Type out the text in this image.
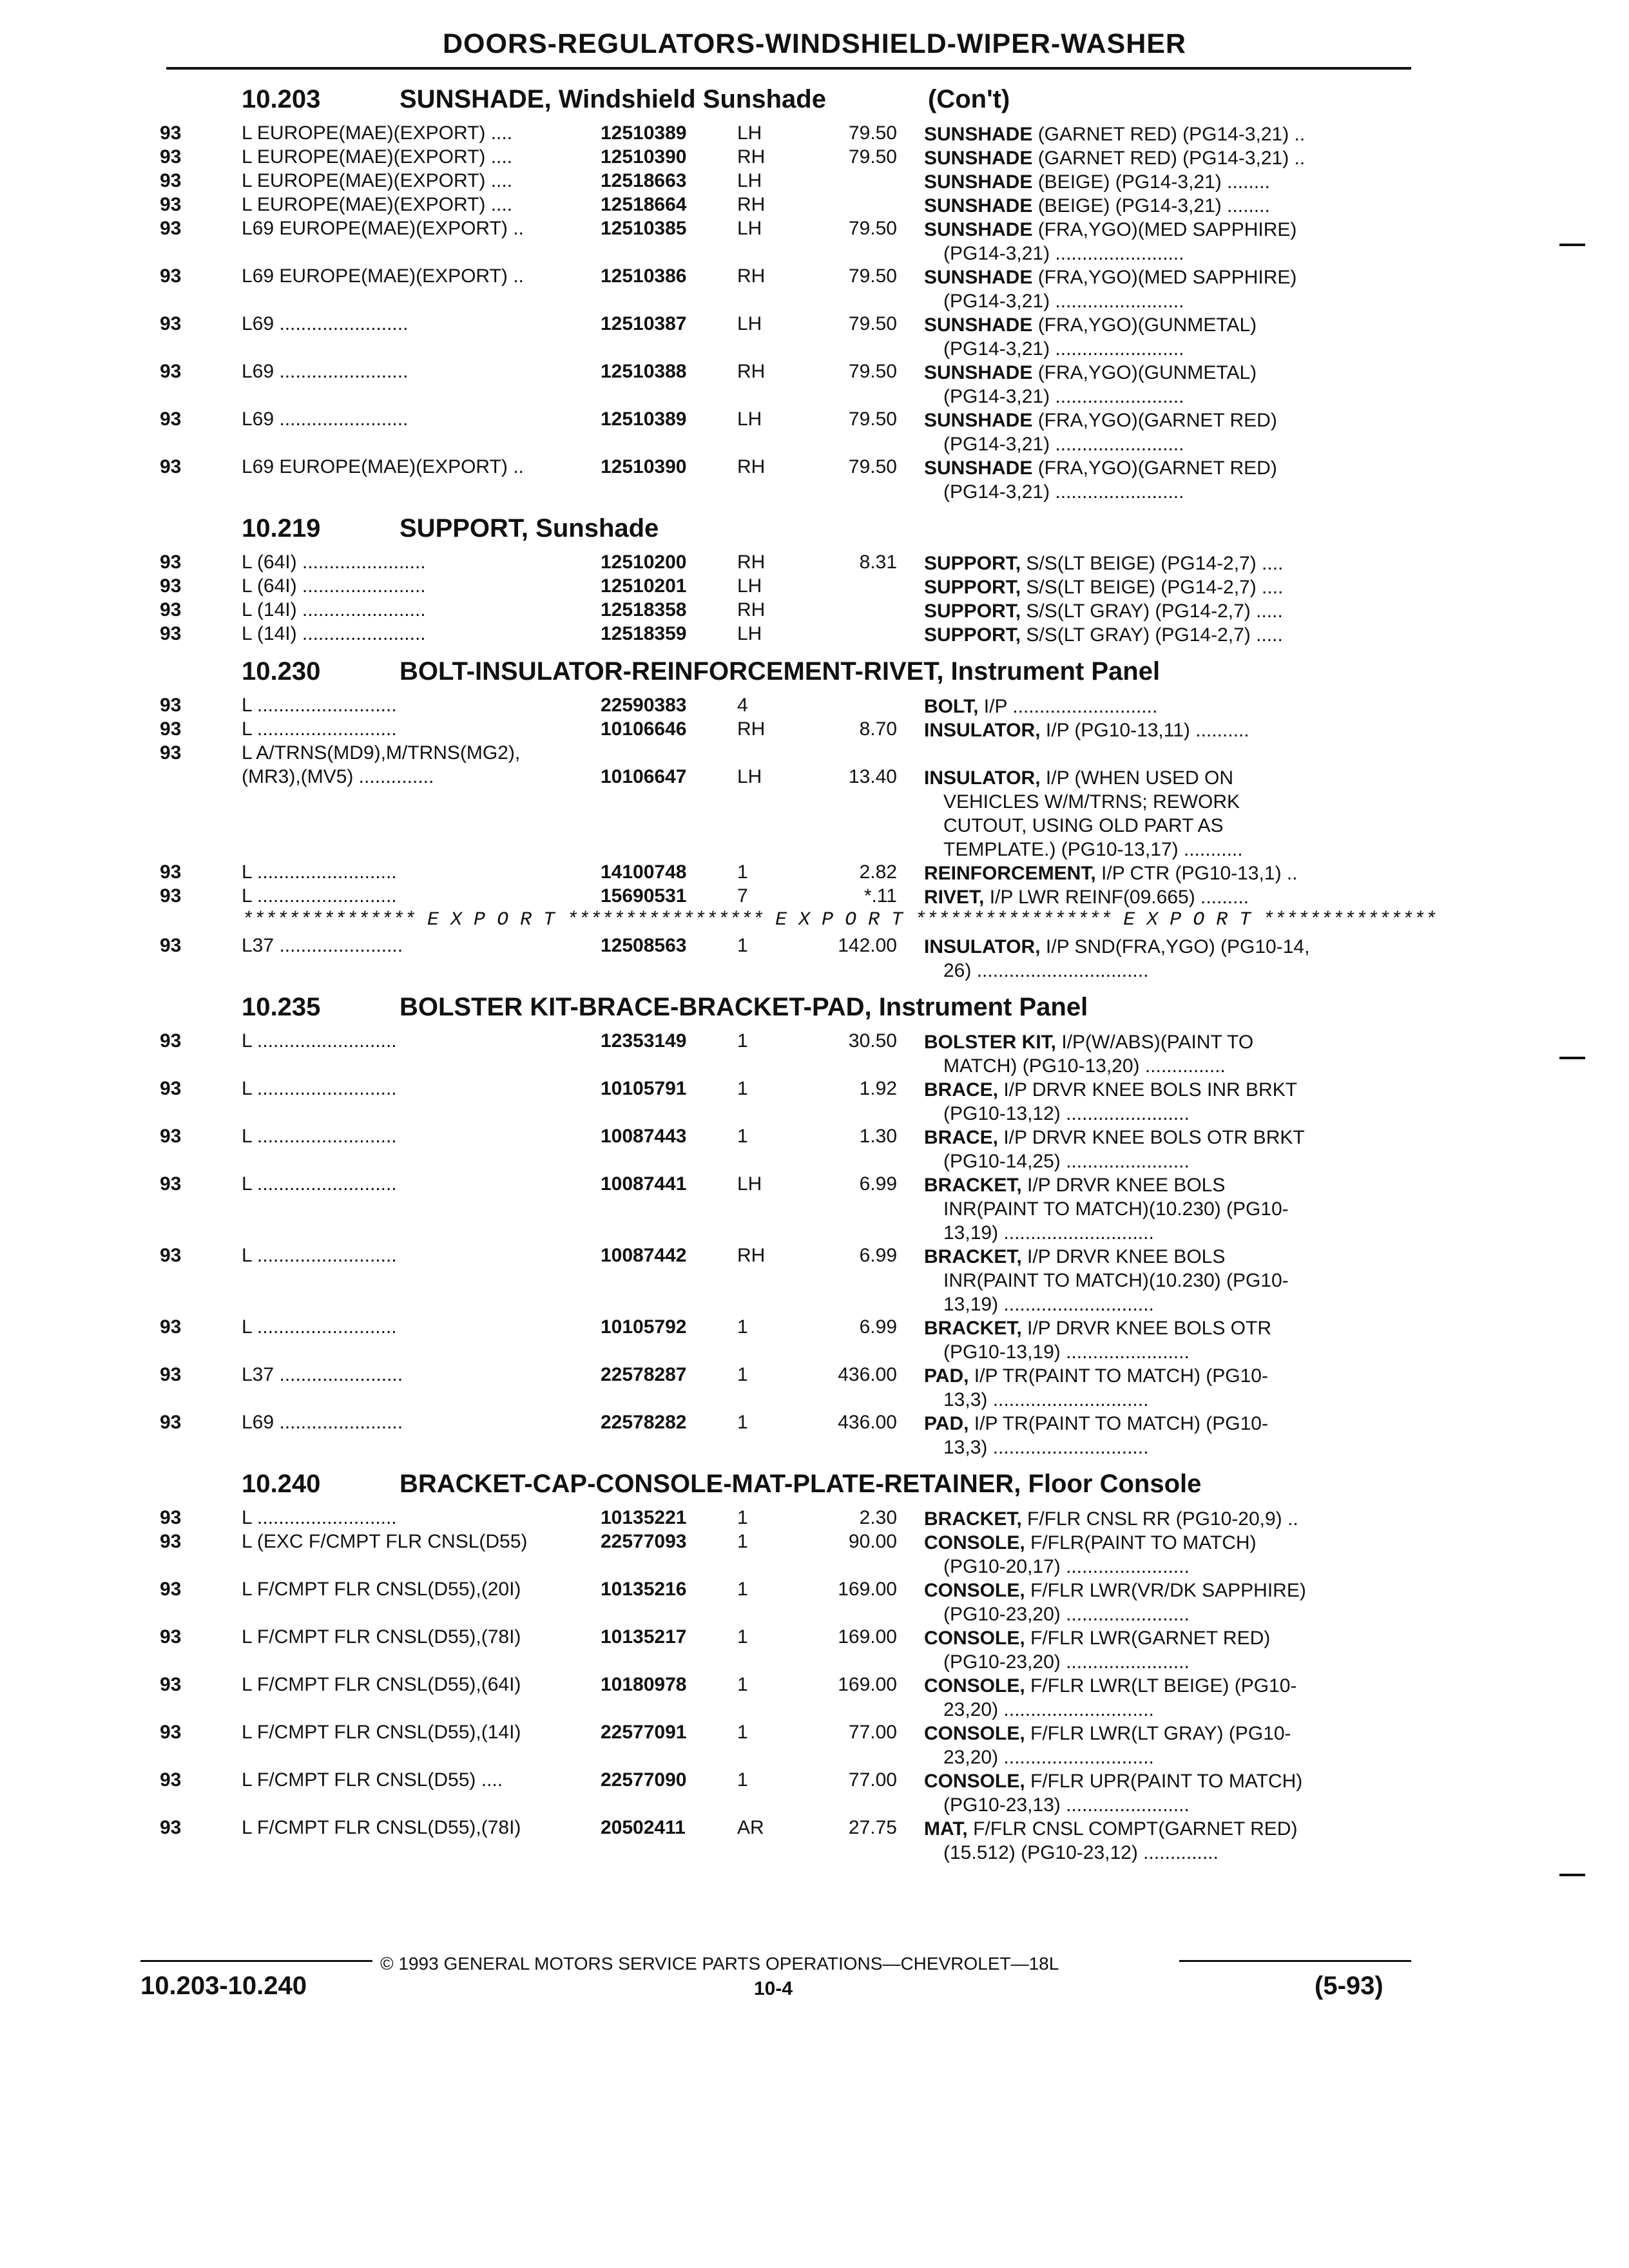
DOORS-REGULATORS-WINDSHIELD-WIPER-WASHER
10.203	SUNSHADE, Windshield Sunshade	(Con't)
93	L EUROPE(MAE)(EXPORT) ....	12510389	LH	79.50 SUNSHADE (GARNET RED) (PG14-3,21) ..
93	L EUROPE(MAE)(EXPORT) ....	12510390	RH	79.50 SUNSHADE (GARNET RED) (PG14-3,21) ..
93	L EUROPE(MAE)(EXPORT) ....	12518663	LH	SUNSHADE (BEIGE) (PG14-3,21) ........
93	L EUROPE(MAE)(EXPORT) ....	12518664	RH	SUNSHADE (BEIGE) (PG14-3,21) ........
93	L69 EUROPE(MAE)(EXPORT) ..	12510385	LH	79.50 SUNSHADE (FRA,YGO)(MED SAPPHIRE)
(PG14-3,21) ........................
93	L69 EUROPE(MAE)(EXPORT) ..	12510386	RH	79.50 SUNSHADE (FRA,YGO)(MED SAPPHIRE)
(PG14-3,21) ........................
93	L69 ........................	12510387	LH	79.50 SUNSHADE (FRA,YGO)(GUNMETAL)
(PG14-3,21) ........................
93	L69 ........................	12510388	RH	79.50 SUNSHADE (FRA,YGO)(GUNMETAL)
(PG14-3,21) ........................
93	L69 ........................	12510389	LH	79.50 SUNSHADE (FRA,YGO)(GARNET RED)
(PG14-3,21) ........................
93	L69 EUROPE(MAE)(EXPORT) ..	12510390	RH	79.50 SUNSHADE (FRA,YGO)(GARNET RED)
(PG14-3,21) ........................
10.219	SUPPORT, Sunshade
93	L (64I) .......................	12510200	RH	8.31 SUPPORT, S/S(LT BEIGE) (PG14-2,7) ....
93	L (64I) .......................	12510201	LH	SUPPORT, S/S(LT BEIGE) (PG14-2,7) ....
93	L (14I) .......................	12518358	RH	SUPPORT, S/S(LT GRAY) (PG14-2,7) .....
93	L (14I) .......................	12518359	LH	SUPPORT, S/S(LT GRAY) (PG14-2,7) .....
10.230	BOLT-INSULATOR-REINFORCEMENT-RIVET, Instrument Panel
93	L ..........................	22590383	4	BOLT, I/P ...........................
93	L ..........................	10106646	RH	8.70 INSULATOR, I/P (PG10-13,11) ..........
93	L A/TRNS(MD9),M/TRNS(MG2),
(MR3),(MV5) ..............	10106647	LH	13.40 INSULATOR, I/P (WHEN USED ON
VEHICLES W/M/TRNS; REWORK
CUTOUT, USING OLD PART AS
TEMPLATE.) (PG10-13,17) ...........
93	L ..........................	14100748	1	2.82 REINFORCEMENT, I/P CTR (PG10-13,1) ..
93	L ..........................	15690531	7	*.11 RIVET, I/P LWR REINF(09.665) .........
*************** E X P O R T ***************** E X P O R T ***************** E X P O R T ***************
93	L37 .......................	12508563	1	142.00 INSULATOR, I/P SND(FRA,YGO) (PG10-14,
26) ................................
10.235	BOLSTER KIT-BRACE-BRACKET-PAD, Instrument Panel
93	L ..........................	12353149	1	30.50 BOLSTER KIT, I/P(W/ABS)(PAINT TO
MATCH) (PG10-13,20) ...............
93	L ..........................	10105791	1	1.92 BRACE, I/P DRVR KNEE BOLS INR BRKT
(PG10-13,12) .......................
93	L ..........................	10087443	1	1.30 BRACE, I/P DRVR KNEE BOLS OTR BRKT
(PG10-14,25) .......................
93	L ..........................	10087441	LH	6.99 BRACKET, I/P DRVR KNEE BOLS
INR(PAINT TO MATCH)(10.230) (PG10-
13,19) ............................
93	L ..........................	10087442	RH	6.99 BRACKET, I/P DRVR KNEE BOLS
INR(PAINT TO MATCH)(10.230) (PG10-
13,19) ............................
93	L ..........................	10105792	1	6.99 BRACKET, I/P DRVR KNEE BOLS OTR
(PG10-13,19) .......................
93	L37 .......................	22578287	1	436.00 PAD, I/P TR(PAINT TO MATCH) (PG10-
13,3) .............................
93	L69 .......................	22578282	1	436.00 PAD, I/P TR(PAINT TO MATCH) (PG10-
13,3) .............................
10.240	BRACKET-CAP-CONSOLE-MAT-PLATE-RETAINER, Floor Console
93	L ..........................	10135221	1	2.30 BRACKET, F/FLR CNSL RR (PG10-20,9) ..
93	L (EXC F/CMPT FLR CNSL(D55)	22577093	1	90.00 CONSOLE, F/FLR(PAINT TO MATCH)
(PG10-20,17) .......................
93	L F/CMPT FLR CNSL(D55),(20I)	10135216	1	169.00 CONSOLE, F/FLR LWR(VR/DK SAPPHIRE)
(PG10-23,20) .......................
93	L F/CMPT FLR CNSL(D55),(78I)	10135217	1	169.00 CONSOLE, F/FLR LWR(GARNET RED)
(PG10-23,20) .......................
93	L F/CMPT FLR CNSL(D55),(64I)	10180978	1	169.00 CONSOLE, F/FLR LWR(LT BEIGE) (PG10-
23,20) ............................
93	L F/CMPT FLR CNSL(D55),(14I)	22577091	1	77.00 CONSOLE, F/FLR LWR(LT GRAY) (PG10-
23,20) ............................
93	L F/CMPT FLR CNSL(D55) ....	22577090	1	77.00 CONSOLE, F/FLR UPR(PAINT TO MATCH)
(PG10-23,13) .......................
93	L F/CMPT FLR CNSL(D55),(78I)	20502411	AR	27.75 MAT, F/FLR CNSL COMPT(GARNET RED)
(15.512) (PG10-23,12) ..............
© 1993 GENERAL MOTORS SERVICE PARTS OPERATIONS—CHEVROLET—18L
10.203-10.240	10-4	(5-93)
